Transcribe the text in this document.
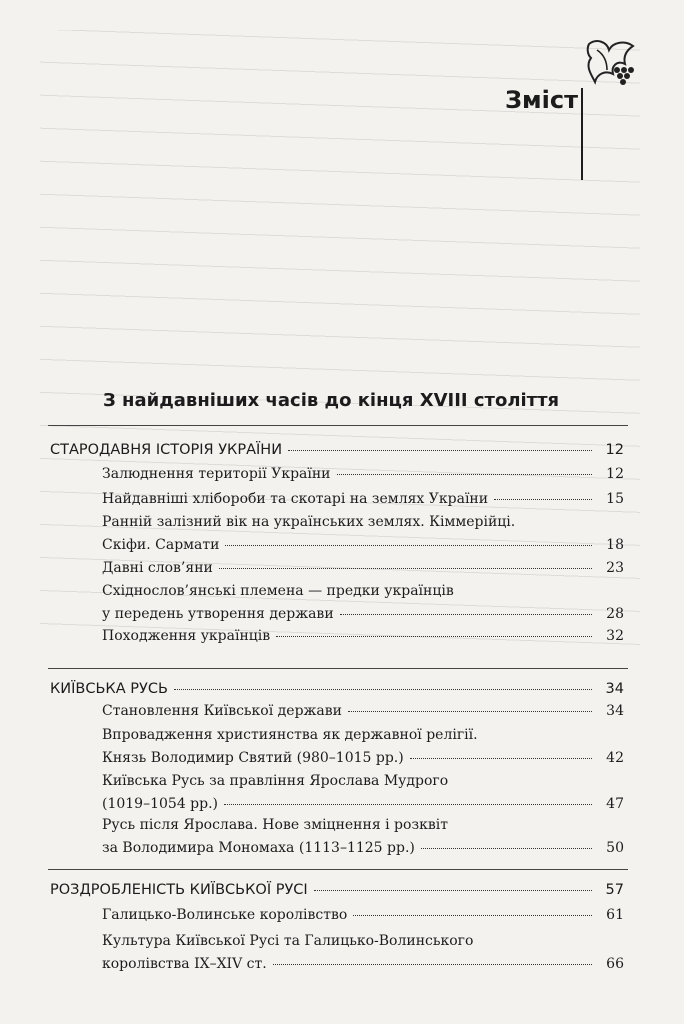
Зміст
З найдавніших часів до кінця XVIII століття
СТАРОДАВНЯ ІСТОРІЯ УКРАЇНИ	12
Залюднення території України	12
Найдавніші хлібороби та скотарі на землях України	15
Ранній залізний вік на українських землях. Кіммерійці.
Скіфи. Сармати	18
Давні слов’яни	23
Східнослов’янські племена — предки українців
у передень утворення держави	28
Походження українців	32
КИЇВСЬКА РУСЬ	34
Становлення Київської держави	34
Впровадження християнства як державної релігії.
Князь Володимир Святий (980–1015 рр.)	42
Київська Русь за правління Ярослава Мудрого
(1019–1054 рр.)	47
Русь після Ярослава. Нове зміцнення і розквіт
за Володимира Мономаха (1113–1125 рр.)	50
РОЗДРОБЛЕНІСТЬ КИЇВСЬКОЇ РУСІ	57
Галицько-Волинське королівство	61
Культура Київської Русі та Галицько-Волинського
королівства IX–XIV ст.	66
